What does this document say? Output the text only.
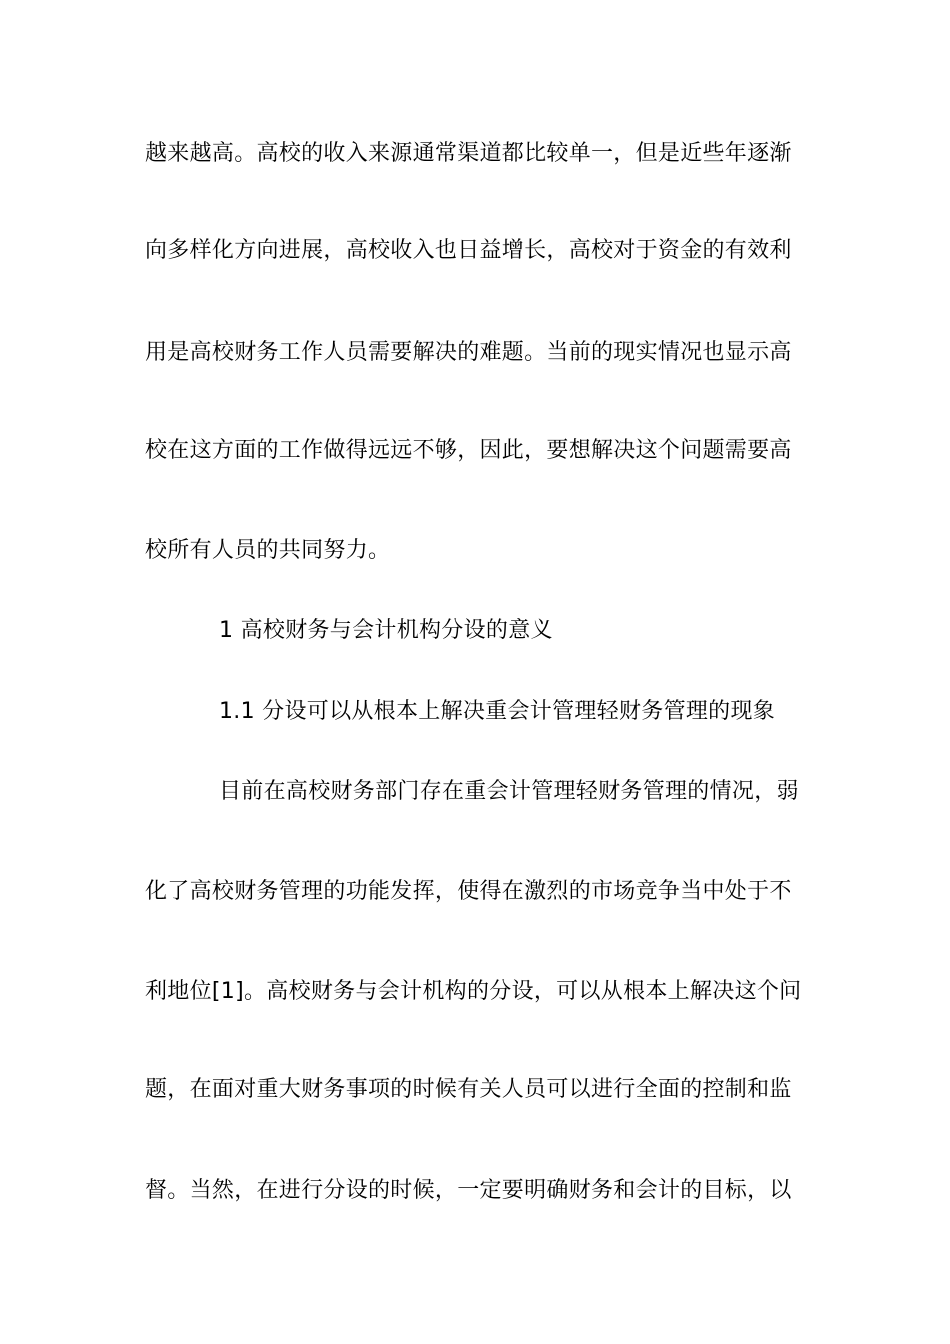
越来越高。高校的收入来源通常渠道都比较单一，但是近些年逐渐
向多样化方向进展，高校收入也日益增长，高校对于资金的有效利
用是高校财务工作人员需要解决的难题。当前的现实情况也显示高
校在这方面的工作做得远远不够，因此，要想解决这个问题需要高
校所有人员的共同努力。
1 高校财务与会计机构分设的意义
1.1 分设可以从根本上解决重会计管理轻财务管理的现象
目前在高校财务部门存在重会计管理轻财务管理的情况，弱
化了高校财务管理的功能发挥，使得在激烈的市场竞争当中处于不
利地位[1]。高校财务与会计机构的分设，可以从根本上解决这个问
题，在面对重大财务事项的时候有关人员可以进行全面的控制和监
督。当然，在进行分设的时候，一定要明确财务和会计的目标，以
